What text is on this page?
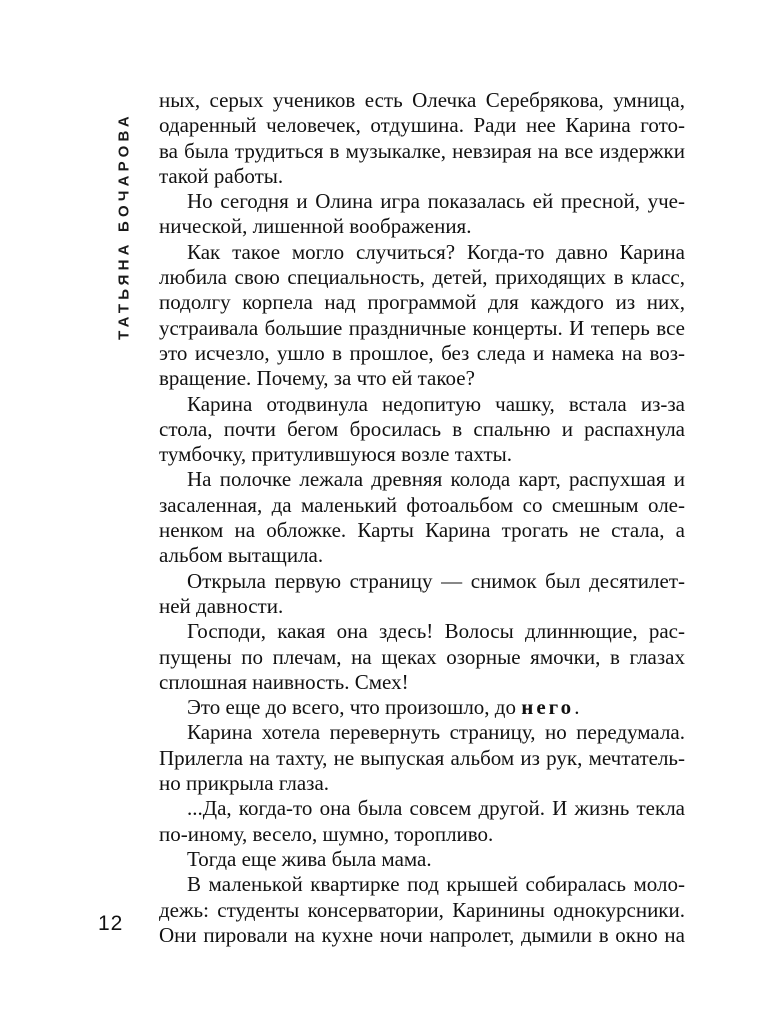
ТАТЬЯНА БОЧАРОВА
12

ных, серых учеников есть Олечка Серебрякова, умница,
одаренный человечек, отдушина. Ради нее Карина гото-
ва была трудиться в музыкалке, невзирая на все издержки
такой работы.

Но сегодня и Олина игра показалась ей пресной, уче-
нической, лишенной воображения.

Как такое могло случиться? Когда-то давно Карина
любила свою специальность, детей, приходящих в класс,
подолгу корпела над программой для каждого из них,
устраивала большие праздничные концерты. И теперь все
это исчезло, ушло в прошлое, без следа и намека на воз-
вращение. Почему, за что ей такое?

Карина отодвинула недопитую чашку, встала из-за
стола, почти бегом бросилась в спальню и распахнула
тумбочку, притулившуюся возле тахты.

На полочке лежала древняя колода карт, распухшая и
засаленная, да маленький фотоальбом со смешным оле-
ненком на обложке. Карты Карина трогать не стала, а
альбом вытащила.

Открыла первую страницу — снимок был десятилет-
ней давности.

Господи, какая она здесь! Волосы длиннющие, рас-
пущены по плечам, на щеках озорные ямочки, в глазах
сплошная наивность. Смех!

Это еще до всего, что произошло, до него.

Карина хотела перевернуть страницу, но передумала.
Прилегла на тахту, не выпуская альбом из рук, мечтатель-
но прикрыла глаза.

...Да, когда-то она была совсем другой. И жизнь текла
по-иному, весело, шумно, торопливо.

Тогда еще жива была мама.

В маленькой квартирке под крышей собиралась моло-
дежь: студенты консерватории, Каринины однокурсники.
Они пировали на кухне ночи напролет, дымили в окно на
